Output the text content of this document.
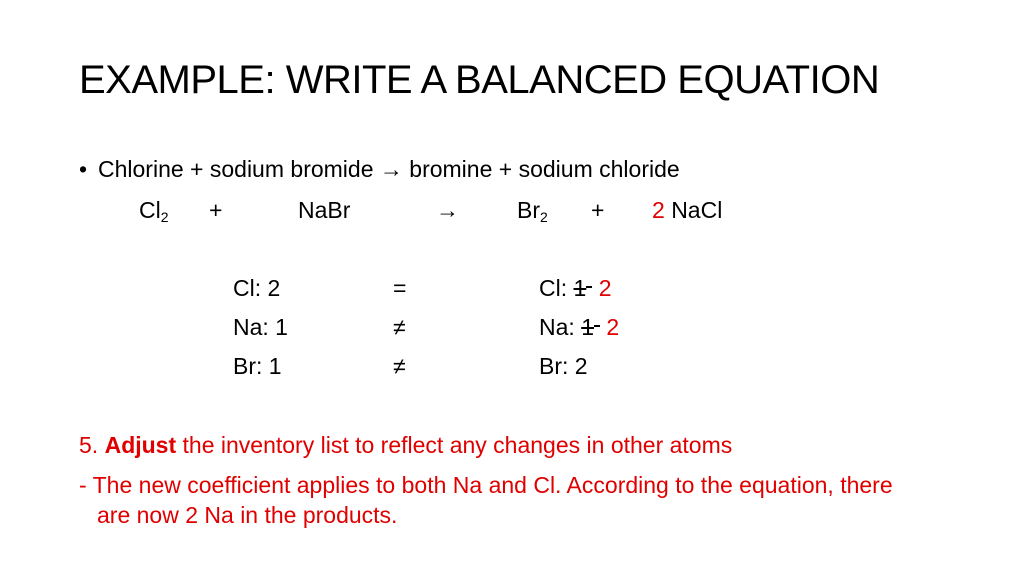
EXAMPLE: WRITE A BALANCED EQUATION
• Chlorine + sodium bromide → bromine + sodium chloride
$Cl_2$ +	NaBr	→	$Br_2 + 2$ NaCl
Cl: 2	=	Cl: 1 2
Na: 1	≠	Na: 1 2
Br: 1	≠	Br: 2
5. Adjust the inventory list to reflect any changes in other atoms
- The new coefficient applies to both Na and Cl. According to the equation, there are now 2 Na in the products.
